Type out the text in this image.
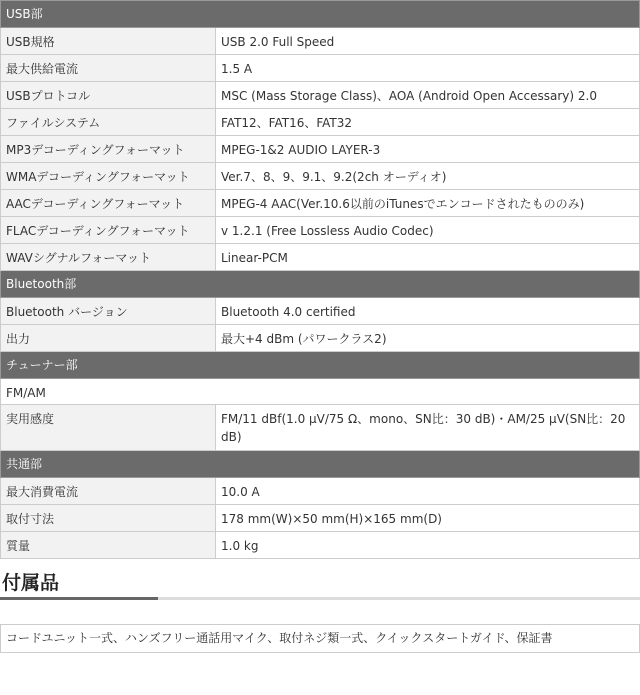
USB部	
USB規格	USB 2.0 Full Speed
最大供給電流	1.5 A
USBプロトコル	MSC (Mass Storage Class)、AOA (Android Open Accessary) 2.0
ファイルシステム	FAT12、FAT16、FAT32
MP3デコーディングフォーマット	MPEG-1&2 AUDIO LAYER-3
WMAデコーディングフォーマット	Ver.7、8、9、9.1、9.2(2ch オーディオ)
AACデコーディングフォーマット	MPEG-4 AAC(Ver.10.6以前のiTunesでエンコードされたもののみ)
FLACデコーディングフォーマット	v 1.2.1 (Free Lossless Audio Codec)
WAVシグナルフォーマット	Linear-PCM
Bluetooth部	
Bluetooth バージョン	Bluetooth 4.0 certified
出力	最大+4 dBm (パワークラス2)
チューナー部	
FM/AM	
実用感度	FM/11 dBf(1.0 μV/75 Ω、mono、SN比：30 dB)・AM/25 μV(SN比：20 dB)
共通部	
最大消費電流	10.0 A
取付寸法	178 mm(W)×50 mm(H)×165 mm(D)
質量	1.0 kg
付属品
コードユニット一式、ハンズフリー通話用マイク、取付ネジ類一式、クイックスタートガイド、保証書
